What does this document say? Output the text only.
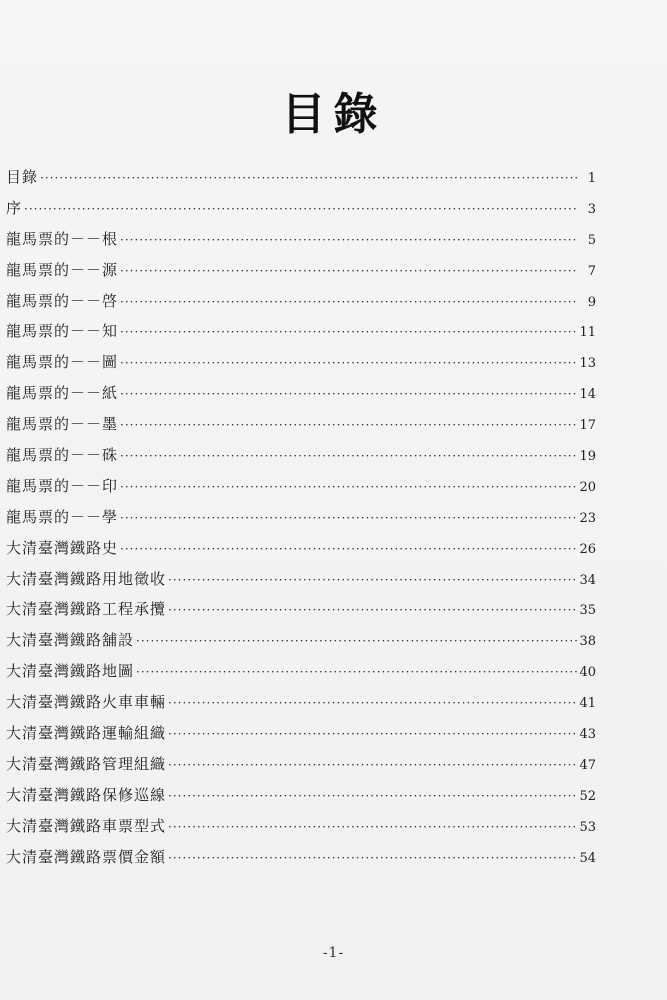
目錄
目錄 ·····	1
序 ·····	3
龍馬票的－－根 ·····	5
龍馬票的－－源 ·····	7
龍馬票的－－啓 ·····	9
龍馬票的－－知 ·····	11
龍馬票的－－圖 ·····	13
龍馬票的－－紙 ·····	14
龍馬票的－－墨 ·····	17
龍馬票的－－硃 ·····	19
龍馬票的－－印 ·····	20
龍馬票的－－學 ·····	23
大清臺灣鐵路史 ·····	26
大清臺灣鐵路用地徵收 ·····	34
大清臺灣鐵路工程承攬 ·····	35
大清臺灣鐵路舖設 ·····	38
大清臺灣鐵路地圖 ·····	40
大清臺灣鐵路火車車輛 ·····	41
大清臺灣鐵路運輸組織 ·····	43
大清臺灣鐵路管理組織 ·····	47
大清臺灣鐵路保修巡線 ·····	52
大清臺灣鐵路車票型式 ·····	53
大清臺灣鐵路票價金額 ·····	54
-1-
